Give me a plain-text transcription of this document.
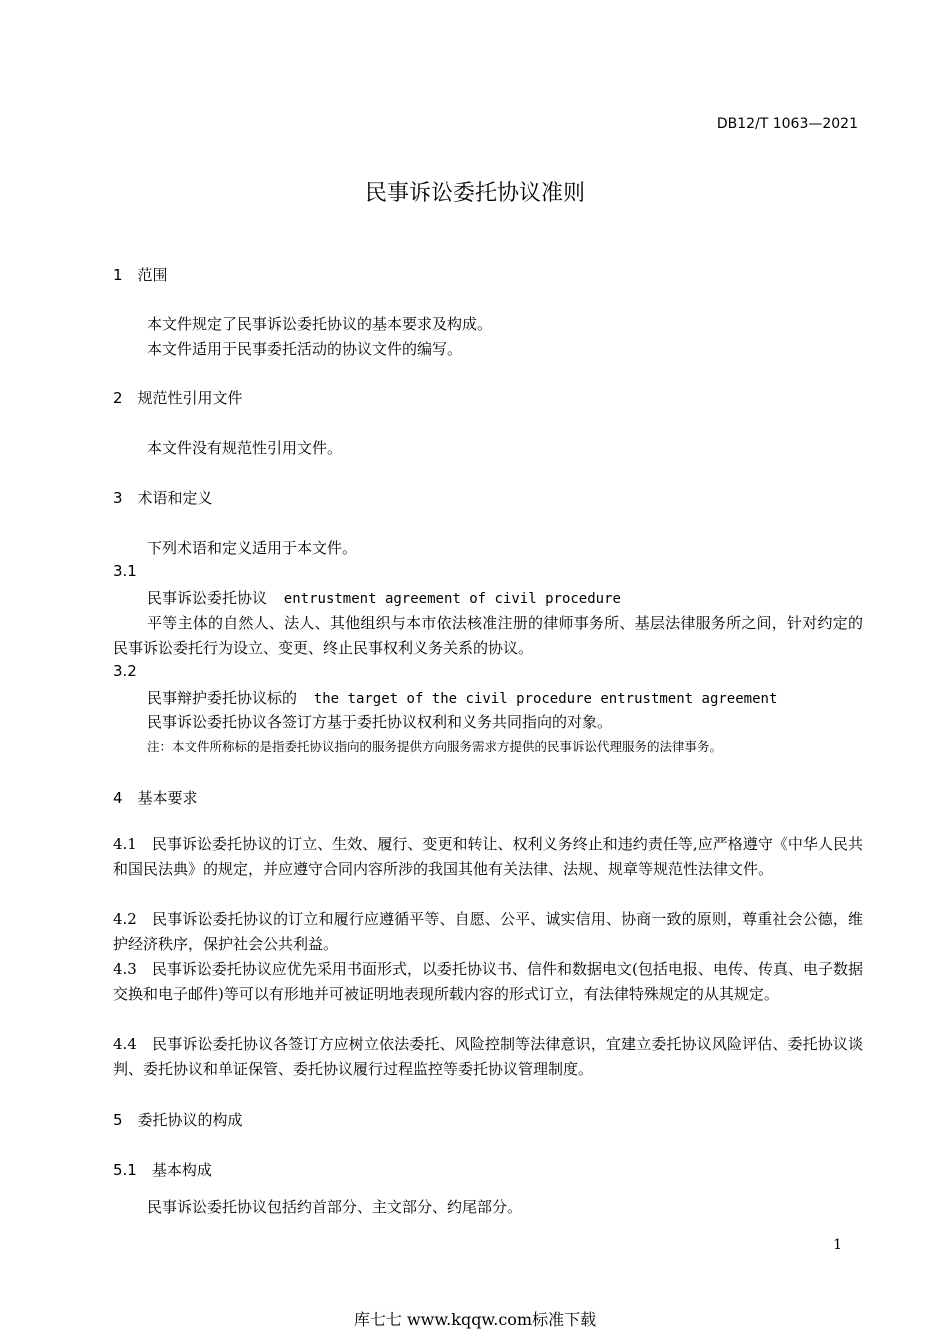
DB12/T 1063—2021
民事诉讼委托协议准则
1　范围
本文件规定了民事诉讼委托协议的基本要求及构成。
本文件适用于民事委托活动的协议文件的编写。
2　规范性引用文件
本文件没有规范性引用文件。
3　术语和定义
下列术语和定义适用于本文件。
3.1
民事诉讼委托协议 entrustment agreement of civil procedure
平等主体的自然人、法人、其他组织与本市依法核准注册的律师事务所、基层法律服务所之间，针对约定的民事诉讼委托行为设立、变更、终止民事权利义务关系的协议。
3.2
民事辩护委托协议标的 the target of the civil procedure entrustment agreement
民事诉讼委托协议各签订方基于委托协议权利和义务共同指向的对象。
注：本文件所称标的是指委托协议指向的服务提供方向服务需求方提供的民事诉讼代理服务的法律事务。
4　基本要求
4.1　民事诉讼委托协议的订立、生效、履行、变更和转让、权利义务终止和违约责任等,应严格遵守《中华人民共和国民法典》的规定，并应遵守合同内容所涉的我国其他有关法律、法规、规章等规范性法律文件。
4.2　民事诉讼委托协议的订立和履行应遵循平等、自愿、公平、诚实信用、协商一致的原则，尊重社会公德，维护经济秩序，保护社会公共利益。
4.3　民事诉讼委托协议应优先采用书面形式，以委托协议书、信件和数据电文(包括电报、电传、传真、电子数据交换和电子邮件)等可以有形地并可被证明地表现所载内容的形式订立，有法律特殊规定的从其规定。
4.4　民事诉讼委托协议各签订方应树立依法委托、风险控制等法律意识，宜建立委托协议风险评估、委托协议谈判、委托协议和单证保管、委托协议履行过程监控等委托协议管理制度。
5　委托协议的构成
5.1　基本构成
民事诉讼委托协议包括约首部分、主文部分、约尾部分。
1
库七七 www.kqqw.com标准下载
